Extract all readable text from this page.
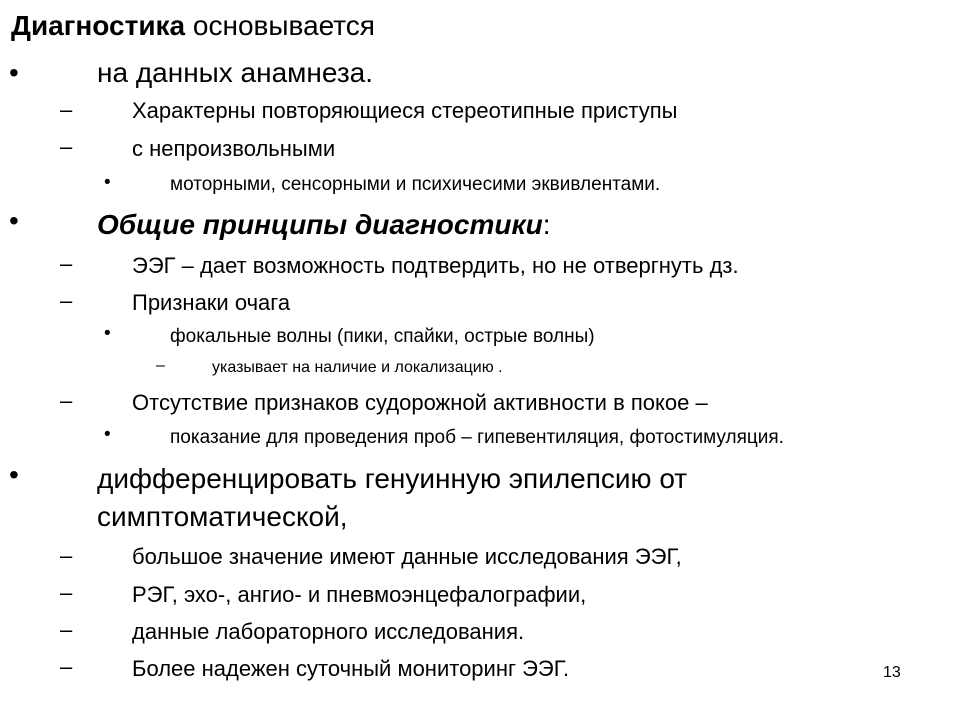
Диагностика основывается
•	на данных анамнеза.
–	Характерны повторяющиеся стереотипные приступы
–	с непроизвольными
•	моторными, сенсорными и психичесими эквивлентами.
•	Общие принципы диагностики:
–	ЭЭГ – дает возможность подтвердить, но не отвергнуть дз.
–	Признаки очага
•	фокальные волны (пики, спайки, острые волны)
–	указывает на наличие и локализацию .
–	Отсутствие признаков судорожной активности в покое –
•	показание для проведения проб – гипевентиляция, фотостимуляция.
•	дифференцировать генуинную эпилепсию от
симптоматической,
–	большое значение имеют данные исследования ЭЭГ,
–	РЭГ, эхо-, ангио- и пневмоэнцефалографии,
–	данные лабораторного исследования.
–	Более надежен суточный мониторинг ЭЭГ.	13
